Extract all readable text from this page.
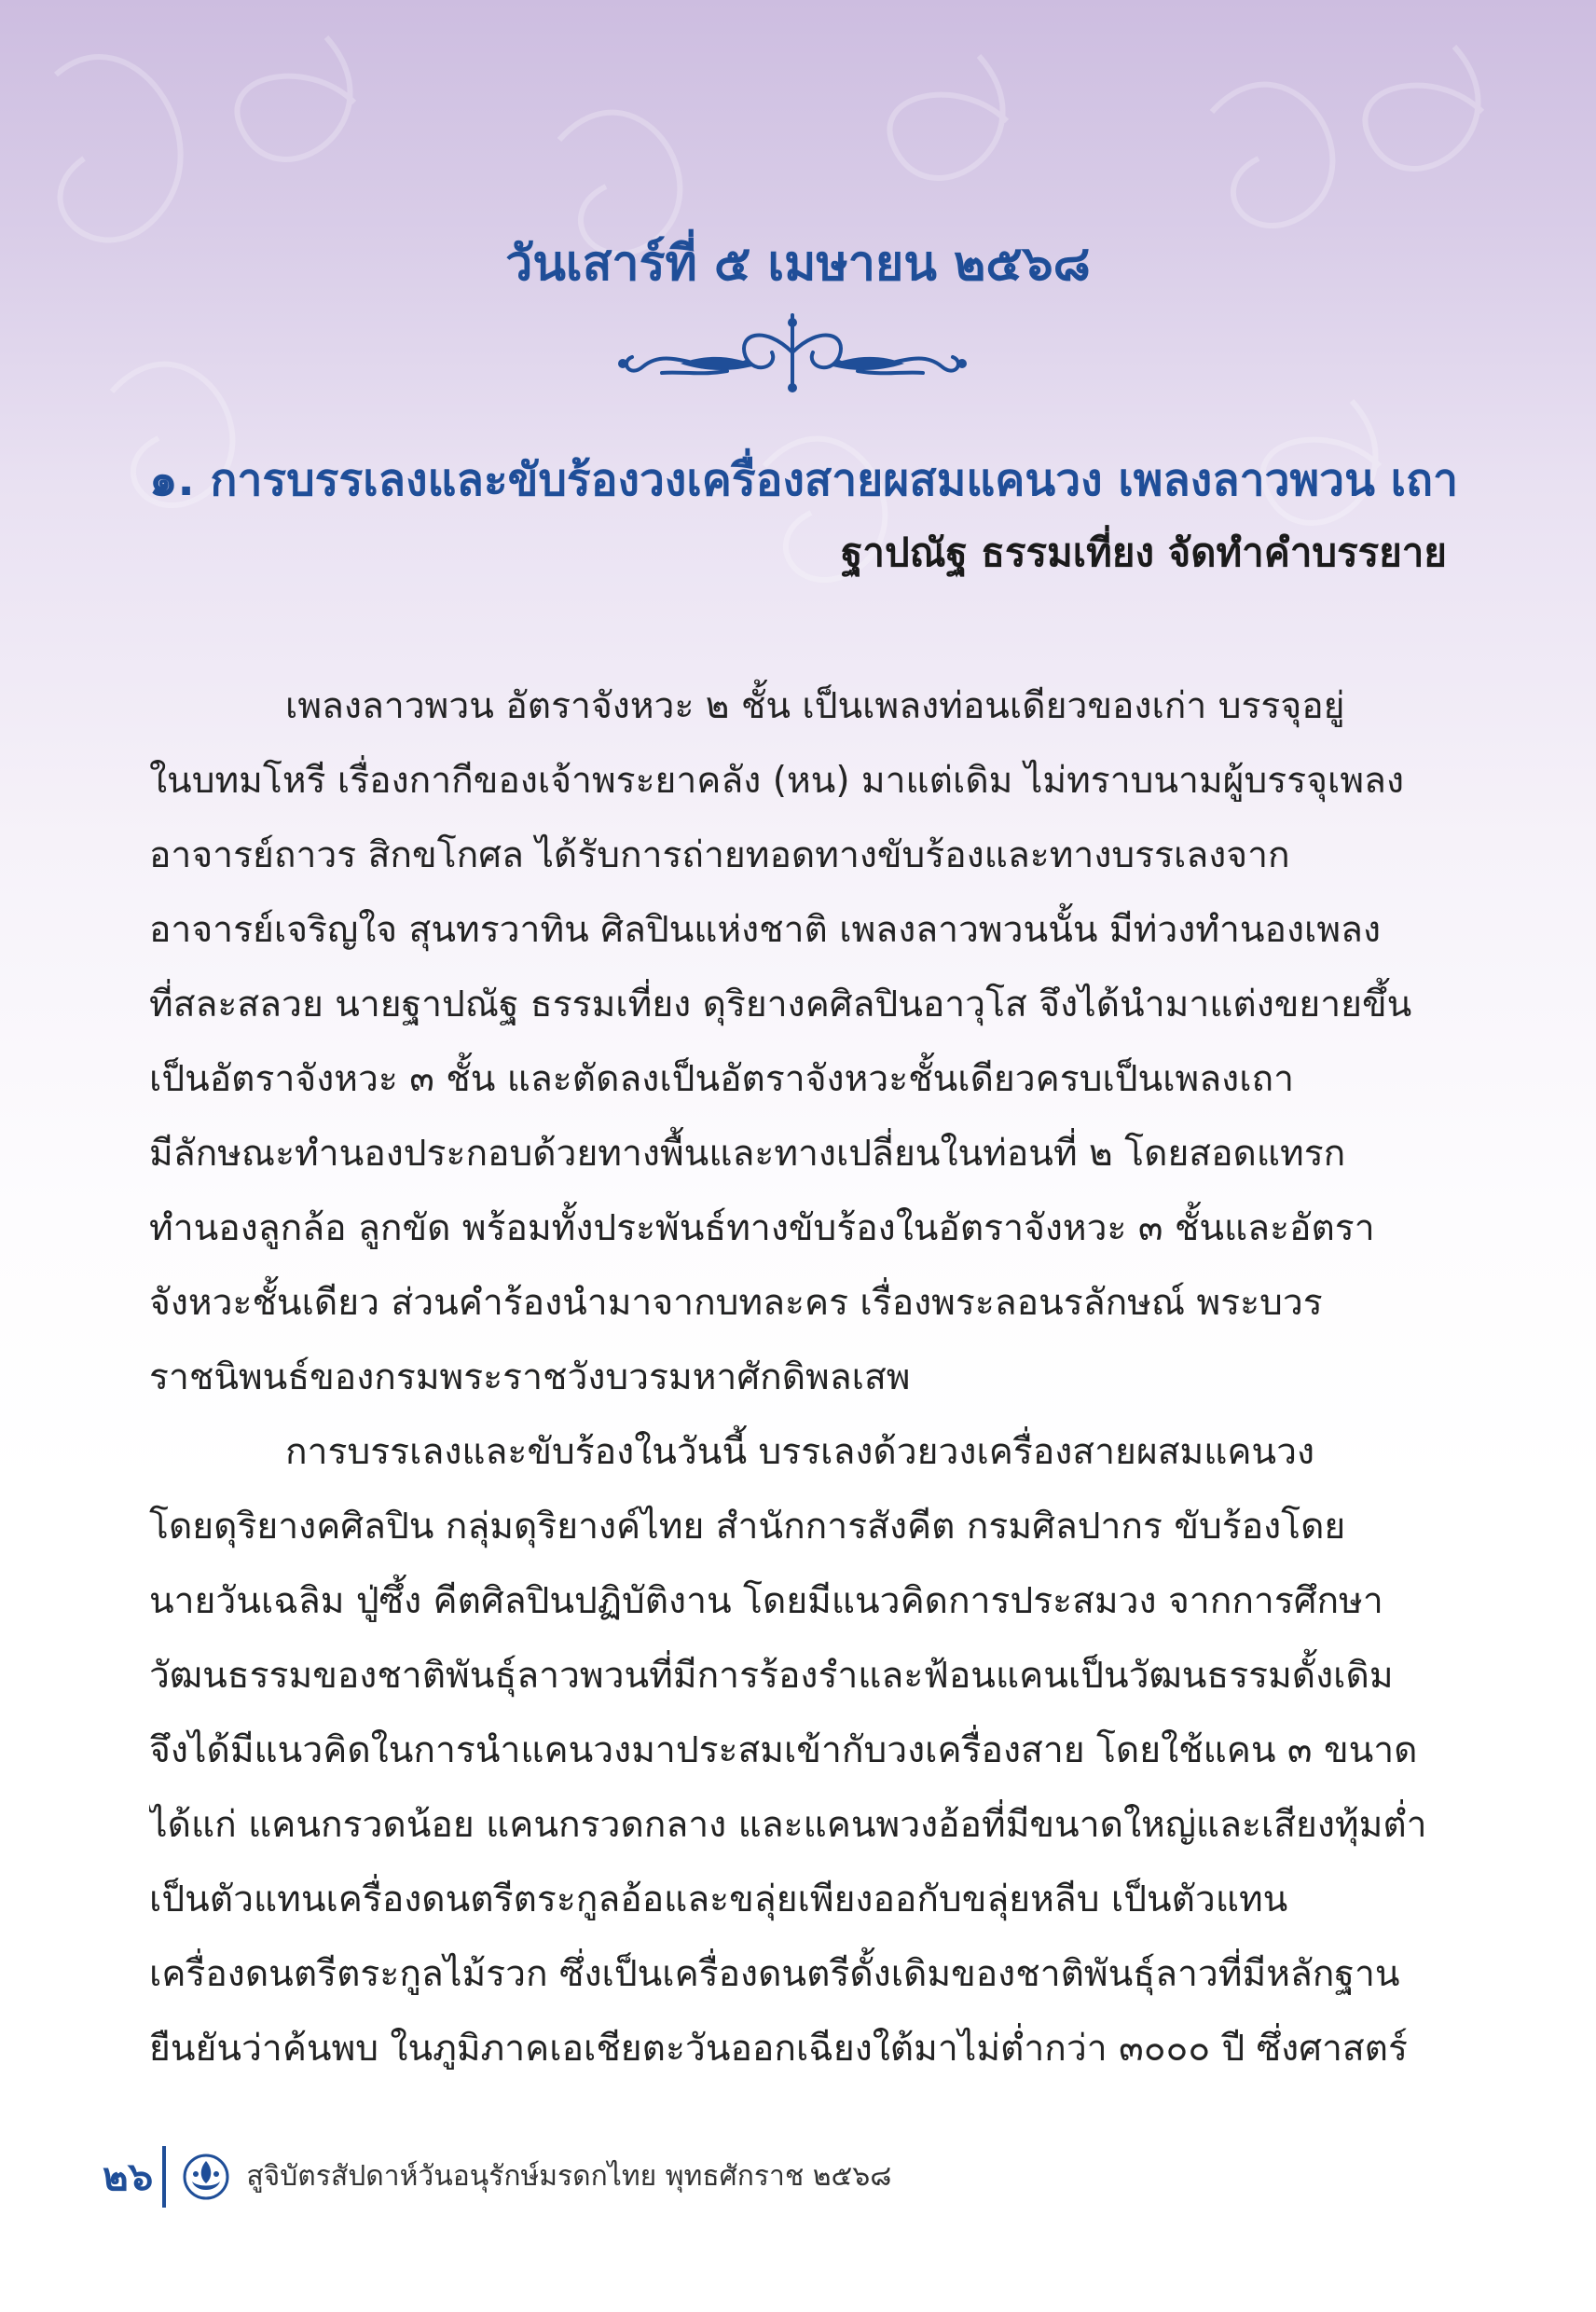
วันเสาร์ที่ ๕ เมษายน ๒๕๖๘
๑. การบรรเลงและขับร้องวงเครื่องสายผสมแคนวง เพลงลาวพวน เถา
ฐาปณัฐ ธรรมเที่ยง จัดทำคำบรรยาย
เพลงลาวพวน อัตราจังหวะ ๒ ชั้น เป็นเพลงท่อนเดียวของเก่า บรรจุอยู่
ในบทมโหรี เรื่องกากีของเจ้าพระยาคลัง (หน) มาแต่เดิม ไม่ทราบนามผู้บรรจุเพลง
อาจารย์ถาวร สิกขโกศล ได้รับการถ่ายทอดทางขับร้องและทางบรรเลงจาก
อาจารย์เจริญใจ สุนทรวาทิน ศิลปินแห่งชาติ เพลงลาวพวนนั้น มีท่วงทำนองเพลง
ที่สละสลวย นายฐาปณัฐ ธรรมเที่ยง ดุริยางคศิลปินอาวุโส จึงได้นำมาแต่งขยายขึ้น
เป็นอัตราจังหวะ ๓ ชั้น และตัดลงเป็นอัตราจังหวะชั้นเดียวครบเป็นเพลงเถา
มีลักษณะทำนองประกอบด้วยทางพื้นและทางเปลี่ยนในท่อนที่ ๒ โดยสอดแทรก
ทำนองลูกล้อ ลูกขัด พร้อมทั้งประพันธ์ทางขับร้องในอัตราจังหวะ ๓ ชั้นและอัตรา
จังหวะชั้นเดียว ส่วนคำร้องนำมาจากบทละคร เรื่องพระลอนรลักษณ์ พระบวร
ราชนิพนธ์ของกรมพระราชวังบวรมหาศักดิพลเสพ
การบรรเลงและขับร้องในวันนี้ บรรเลงด้วยวงเครื่องสายผสมแคนวง
โดยดุริยางคศิลปิน กลุ่มดุริยางค์ไทย สำนักการสังคีต กรมศิลปากร ขับร้องโดย
นายวันเฉลิม ปู่ซึ้ง คีตศิลปินปฏิบัติงาน โดยมีแนวคิดการประสมวง จากการศึกษา
วัฒนธรรมของชาติพันธุ์ลาวพวนที่มีการร้องรำและฟ้อนแคนเป็นวัฒนธรรมดั้งเดิม
จึงได้มีแนวคิดในการนำแคนวงมาประสมเข้ากับวงเครื่องสาย โดยใช้แคน ๓ ขนาด
ได้แก่ แคนกรวดน้อย แคนกรวดกลาง และแคนพวงอ้อที่มีขนาดใหญ่และเสียงทุ้มต่ำ
เป็นตัวแทนเครื่องดนตรีตระกูลอ้อและขลุ่ยเพียงออกับขลุ่ยหลีบ เป็นตัวแทน
เครื่องดนตรีตระกูลไม้รวก ซึ่งเป็นเครื่องดนตรีดั้งเดิมของชาติพันธุ์ลาวที่มีหลักฐาน
ยืนยันว่าค้นพบ ในภูมิภาคเอเชียตะวันออกเฉียงใต้มาไม่ต่ำกว่า ๓๐๐๐ ปี ซึ่งศาสตร์
๒๖	สูจิบัตรสัปดาห์วันอนุรักษ์มรดกไทย พุทธศักราช ๒๕๖๘
